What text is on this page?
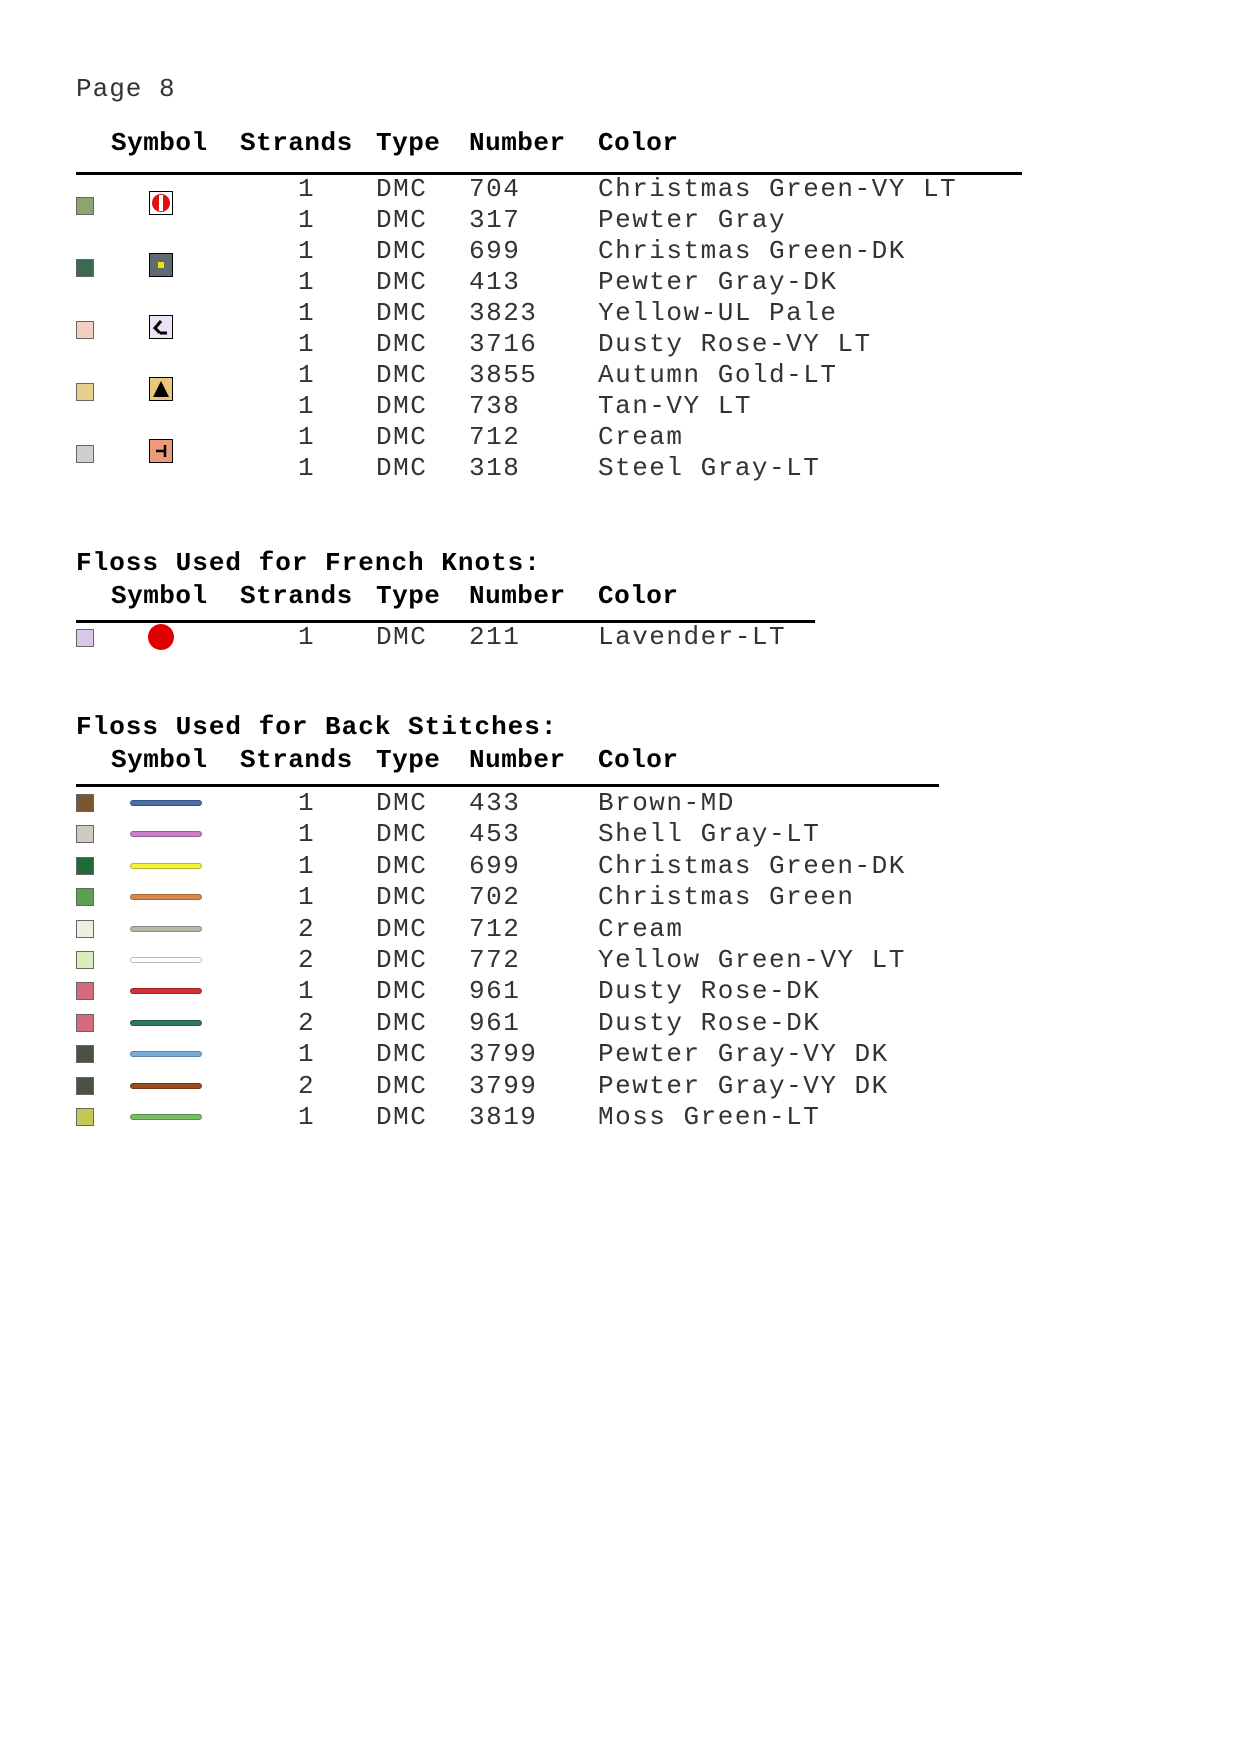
Page 8
Symbol Strands Type Number Color
1 DMC 704	Christmas Green-VY LT
1 DMC 317	Pewter Gray
1 DMC 699	Christmas Green-DK
1 DMC 413	Pewter Gray-DK
1 DMC 3823 Yellow-UL Pale
1 DMC 3716 Dusty Rose-VY LT
1 DMC 3855 Autumn Gold-LT
1 DMC 738	Tan-VY LT
1 DMC 712	Cream
1 DMC 318	Steel Gray-LT
Floss Used for French Knots:
Symbol Strands Type Number Color
1 DMC 211	Lavender-LT
Floss Used for Back Stitches:
Symbol Strands Type Number Color
1 DMC 433	Brown-MD
1 DMC 453	Shell Gray-LT
1 DMC 699	Christmas Green-DK
1 DMC 702	Christmas Green
2 DMC 712	Cream
2 DMC 772	Yellow Green-VY LT
1 DMC 961	Dusty Rose-DK
2 DMC 961	Dusty Rose-DK
1 DMC 3799 Pewter Gray-VY DK
2 DMC 3799 Pewter Gray-VY DK
1 DMC 3819 Moss Green-LT
